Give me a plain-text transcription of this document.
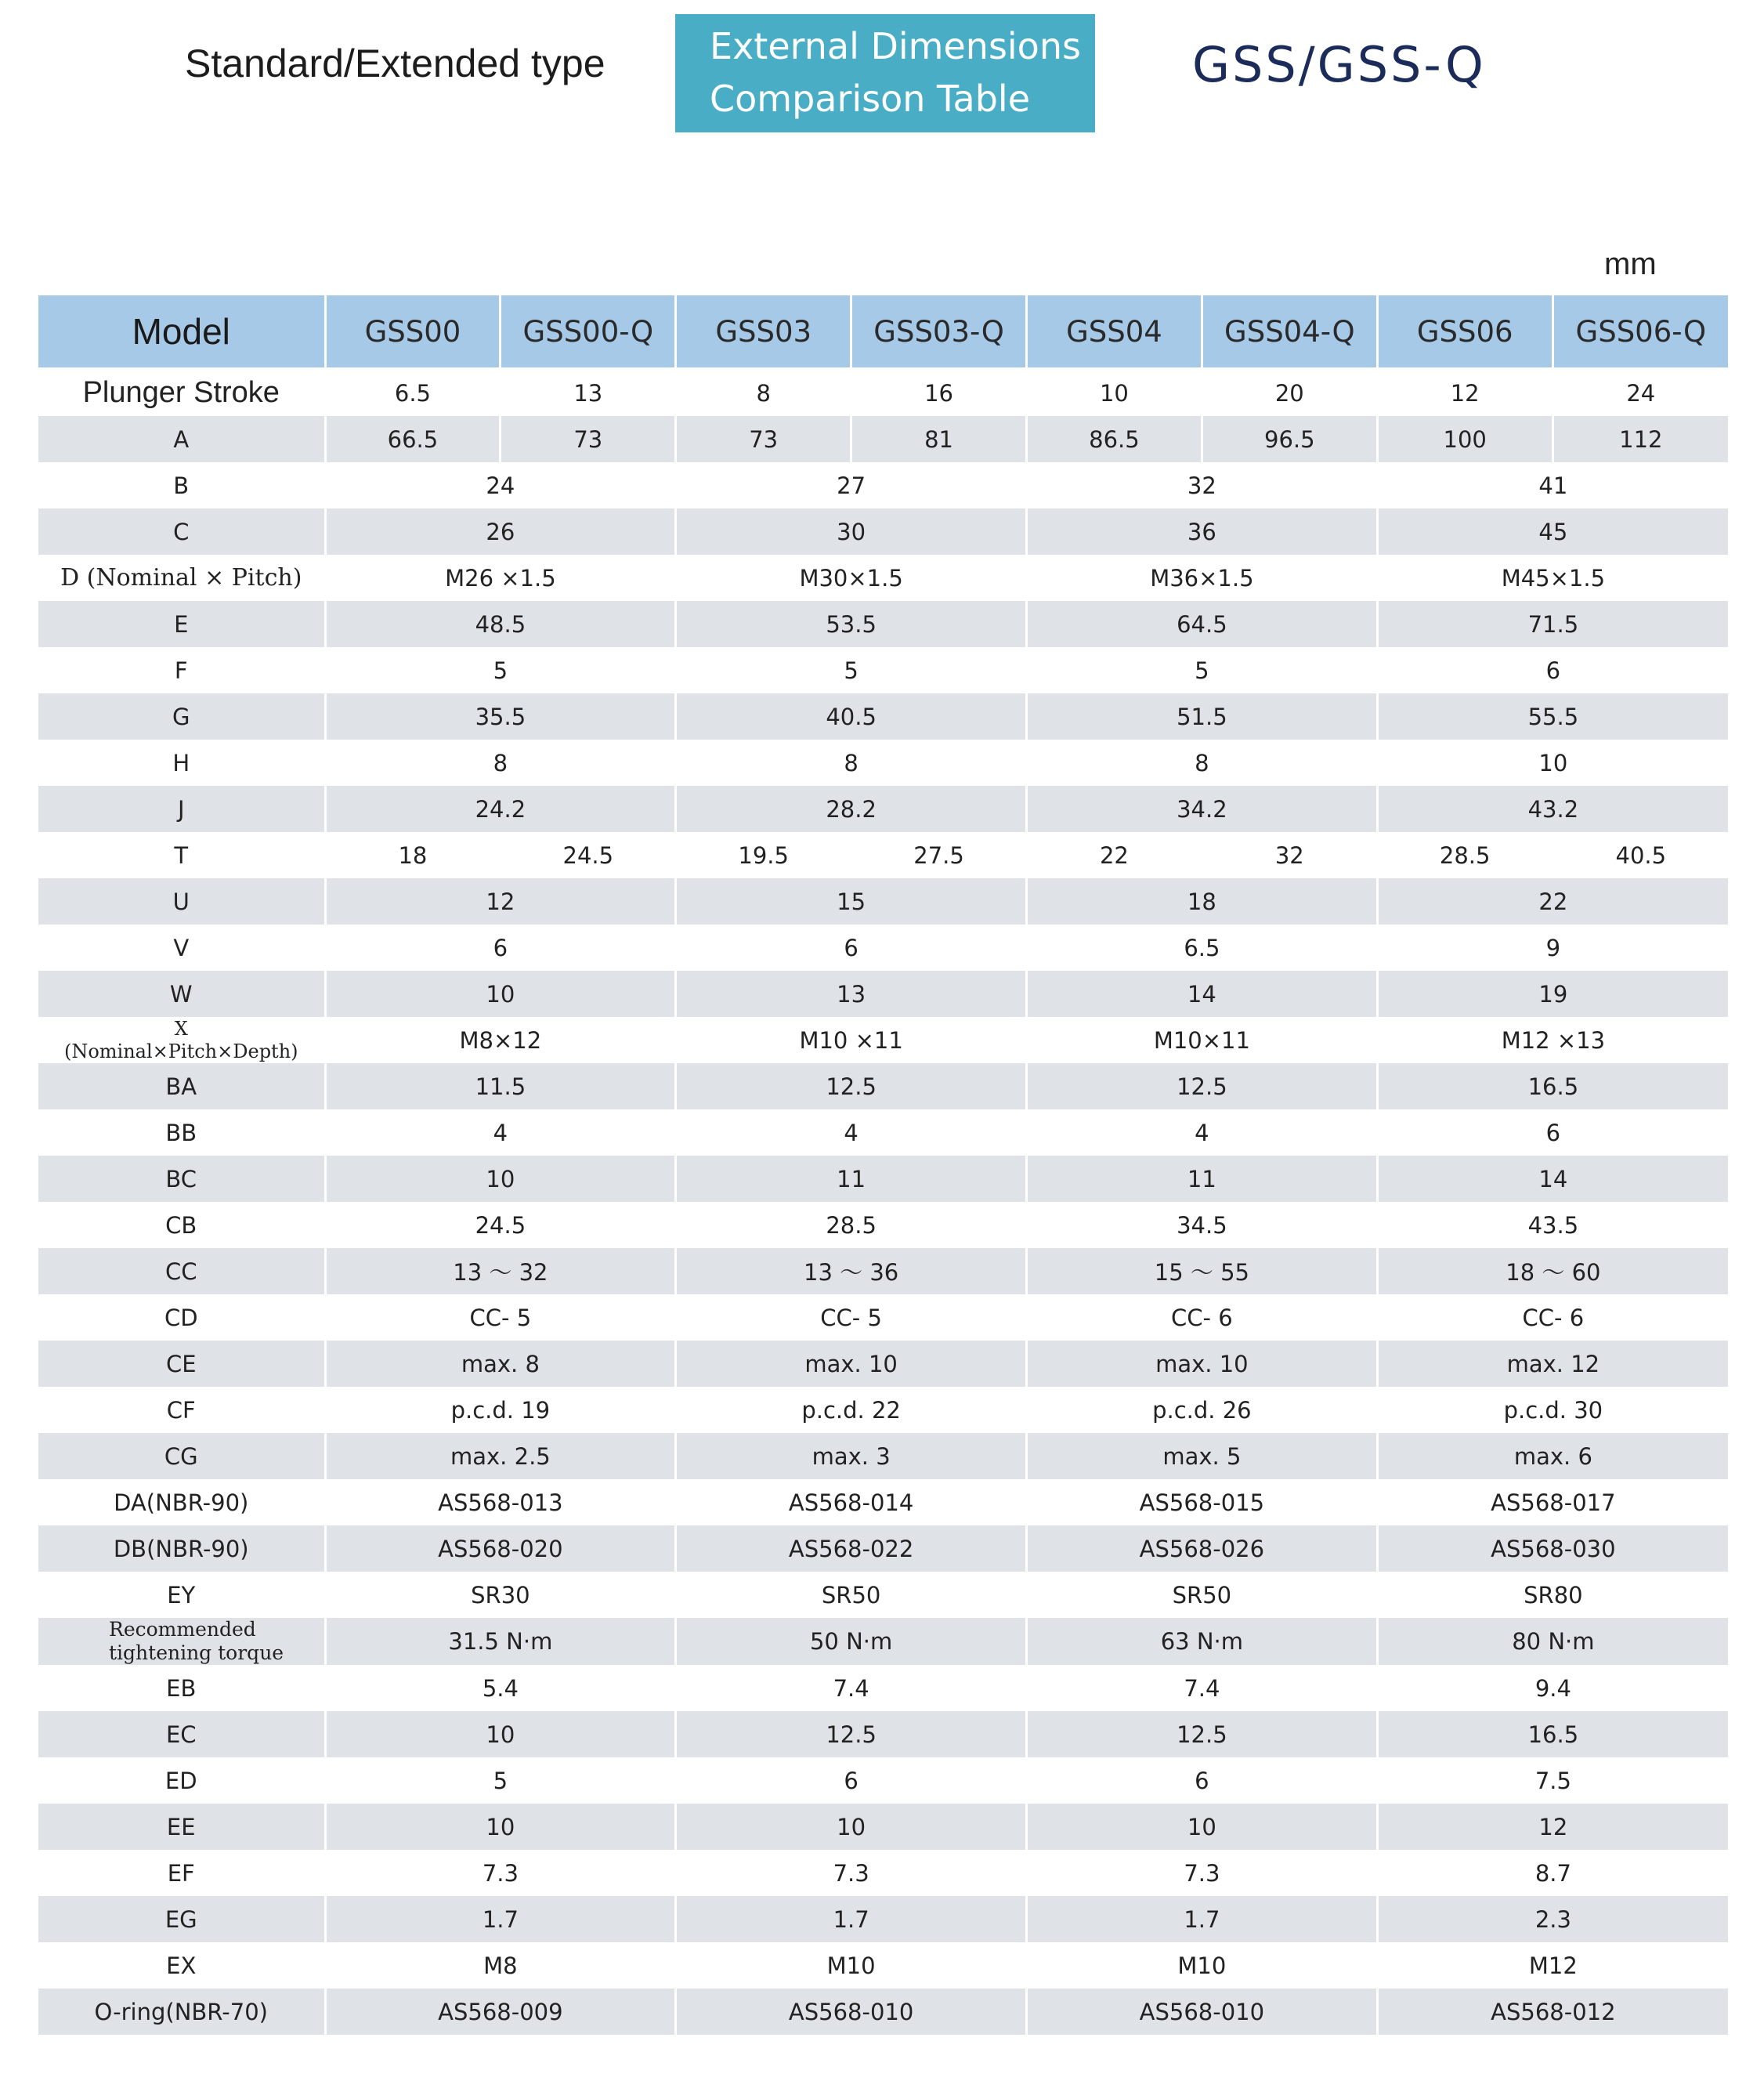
Standard/Extended type	External Dimensions
Comparison Table
GSS∕GSS-Q
mm
Model	GSS00	GSS00-Q	GSS03	GSS03-Q	GSS04	GSS04-Q	GSS06	GSS06-Q
Plunger Stroke	6.5	13	8	16	10	20	12	24
A	66.5	73	73	81	86.5	96.5	100	112
B	24		27		32		41	
C	26		30		36		45	
D (Nominal × Pitch)	M26 ×1.5		M30×1.5		M36×1.5		M45×1.5	
E	48.5		53.5		64.5		71.5	
F	5		5		5		6	
G	35.5		40.5		51.5		55.5	
H	8		8		8		10	
J	24.2		28.2		34.2		43.2	
T	18	24.5	19.5	27.5	22	32	28.5	40.5
U	12		15		18		22	
V	6		6		6.5		9	
W	10		13		14		19	

X
(Nominal×Pitch×Depth)	M8×12		M10 ×11		M10×11		M12 ×13	
BA	11.5		12.5		12.5		16.5	
BB	4		4		4		6	
BC	10		11		11		14	
CB	24.5		28.5		34.5		43.5	
CC	13 〜 32		13 〜 36		15 〜 55		18 〜 60	
CD	CC- 5		CC- 5		CC- 6		CC- 6	
CE	max. 8		max. 10		max. 10		max. 12	
CF	p.c.d. 19		p.c.d. 22		p.c.d. 26		p.c.d. 30	
CG	max. 2.5		max. 3		max. 5		max. 6	
DA(NBR-90)	AS568-013		AS568-014		AS568-015		AS568-017	
DB(NBR-90)	AS568-020		AS568-022		AS568-026		AS568-030	
EY	SR30		SR50		SR50		SR80	

Recommended
tightening torque	31.5 N·m		50 N·m		63 N·m		80 N·m	
EB	5.4		7.4		7.4		9.4	
EC	10		12.5		12.5		16.5	
ED	5		6		6		7.5	
EE	10		10		10		12	
EF	7.3		7.3		7.3		8.7	
EG	1.7		1.7		1.7		2.3	
EX	M8		M10		M10		M12	
O-ring(NBR-70)	AS568-009		AS568-010		AS568-010		AS568-012	
